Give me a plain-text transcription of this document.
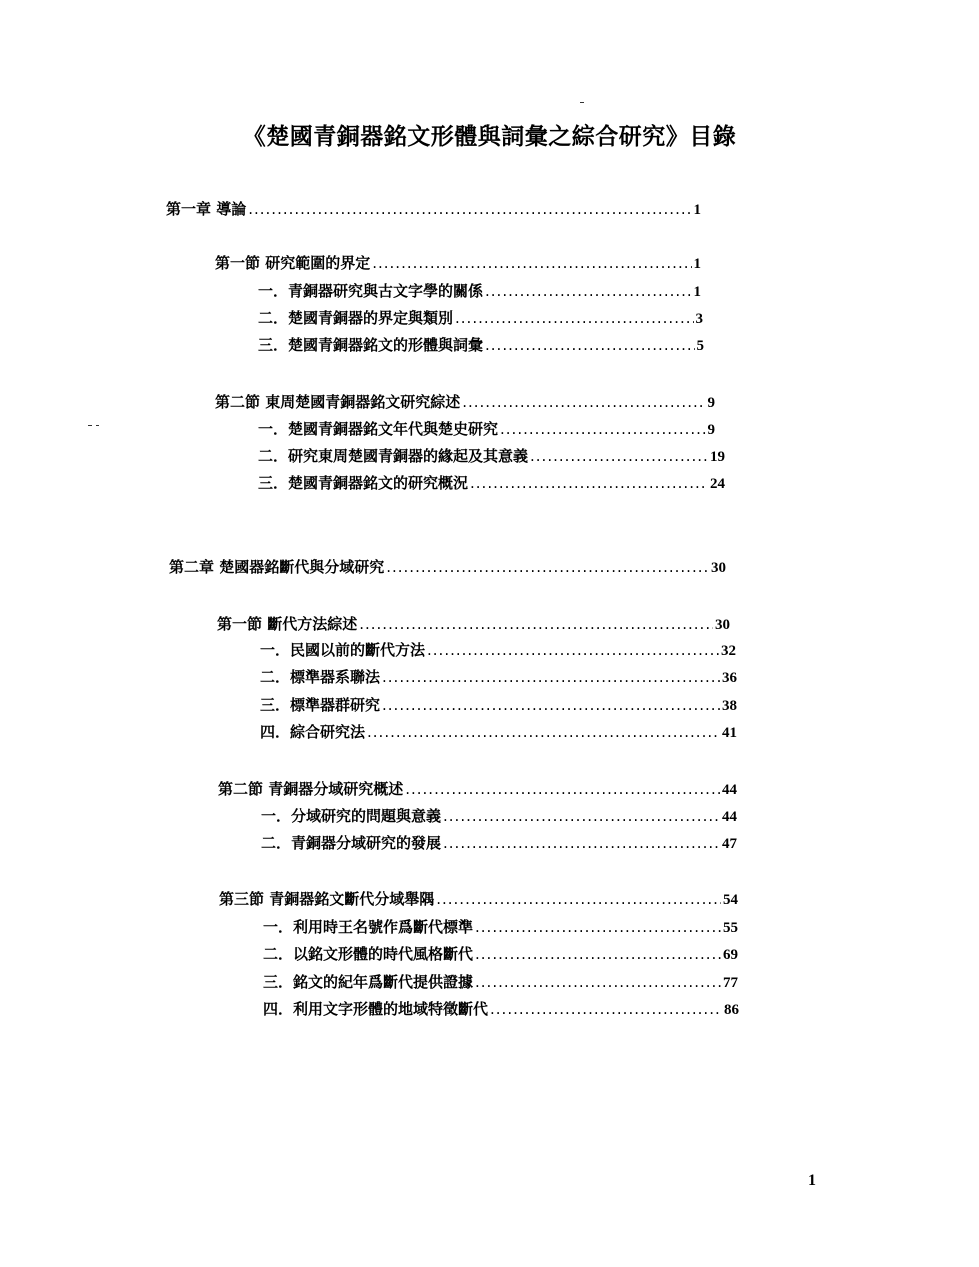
《楚國青銅器銘文形體與詞彙之綜合研究》目錄
第一章 導論 .....	1
第一節 研究範圍的界定 .....	1
一．青銅器研究與古文字學的關係 .....	1
二．楚國青銅器的界定與類別 .....	3
三．楚國青銅器銘文的形體與詞彙 .....	5
第二節 東周楚國青銅器銘文研究綜述 .....	9
一．楚國青銅器銘文年代與楚史研究 .....	9
二．研究東周楚國青銅器的緣起及其意義 .....	19
三．楚國青銅器銘文的研究概況 .....	24
第二章 楚國器銘斷代與分域研究 .....	30
第一節 斷代方法綜述 .....	30
一．民國以前的斷代方法 .....	32
二．標準器系聯法 .....	36
三．標準器群研究 .....	38
四．綜合研究法 .....	41
第二節 青銅器分域研究概述 .....	44
一．分域研究的問題與意義 .....	44
二．青銅器分域研究的發展 .....	47
第三節 青銅器銘文斷代分域舉隅 .....	54
一．利用時王名號作爲斷代標準 .....	55
二．以銘文形體的時代風格斷代 .....	69
三．銘文的紀年爲斷代提供證據 .....	77
四．利用文字形體的地域特徵斷代 .....	86
1
